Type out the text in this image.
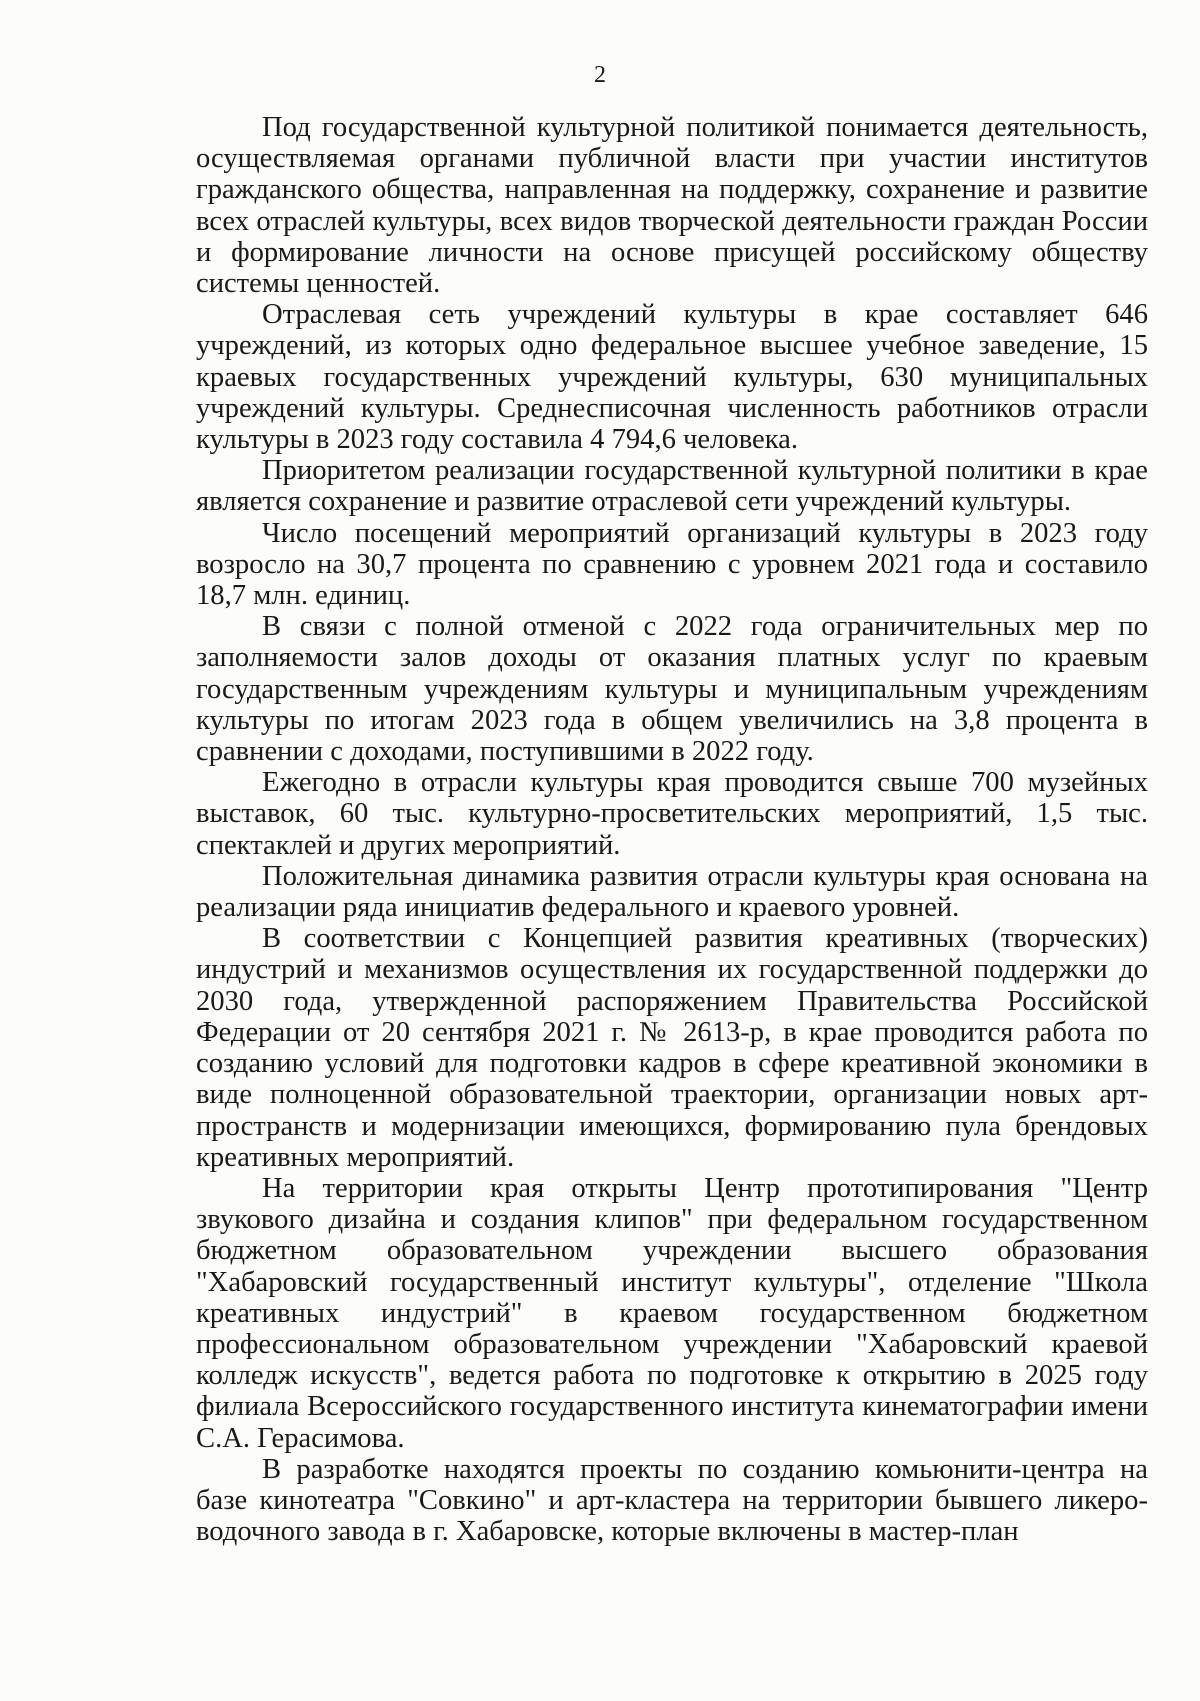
2

Под государственной культурной политикой понимается деятельность, осуществляемая органами публичной власти при участии институтов гражданского общества, направленная на поддержку, сохранение и развитие всех отраслей культуры, всех видов творческой деятельности граждан России и формирование личности на основе присущей российскому обществу системы ценностей.

Отраслевая сеть учреждений культуры в крае составляет 646 учреждений, из которых одно федеральное высшее учебное заведение, 15 краевых государственных учреждений культуры, 630 муниципальных учреждений культуры. Среднесписочная численность работников отрасли культуры в 2023 году составила 4 794,6 человека.

Приоритетом реализации государственной культурной политики в крае является сохранение и развитие отраслевой сети учреждений культуры.

Число посещений мероприятий организаций культуры в 2023 году возросло на 30,7 процента по сравнению с уровнем 2021 года и составило 18,7 млн. единиц.

В связи с полной отменой с 2022 года ограничительных мер по заполняемости залов доходы от оказания платных услуг по краевым государственным учреждениям культуры и муниципальным учреждениям культуры по итогам 2023 года в общем увеличились на 3,8 процента в сравнении с доходами, поступившими в 2022 году.

Ежегодно в отрасли культуры края проводится свыше 700 музейных выставок, 60 тыс. культурно-просветительских мероприятий, 1,5 тыс. спектаклей и других мероприятий.

Положительная динамика развития отрасли культуры края основана на реализации ряда инициатив федерального и краевого уровней.

В соответствии с Концепцией развития креативных (творческих) индустрий и механизмов осуществления их государственной поддержки до 2030 года, утвержденной распоряжением Правительства Российской Федерации от 20 сентября 2021 г. № 2613-р, в крае проводится работа по созданию условий для подготовки кадров в сфере креативной экономики в виде полноценной образовательной траектории, организации новых арт-пространств и модернизации имеющихся, формированию пула брендовых креативных мероприятий.

На территории края открыты Центр прототипирования "Центр звукового дизайна и создания клипов" при федеральном государственном бюджетном образовательном учреждении высшего образования "Хабаровский государственный институт культуры", отделение "Школа креативных индустрий" в краевом государственном бюджетном профессиональном образовательном учреждении "Хабаровский краевой колледж искусств", ведется работа по подготовке к открытию в 2025 году филиала Всероссийского государственного института кинематографии имени С.А. Герасимова.

В разработке находятся проекты по созданию комьюнити-центра на базе кинотеатра "Совкино" и арт-кластера на территории бывшего ликеро-водочного завода в г. Хабаровске, которые включены в мастер-план
